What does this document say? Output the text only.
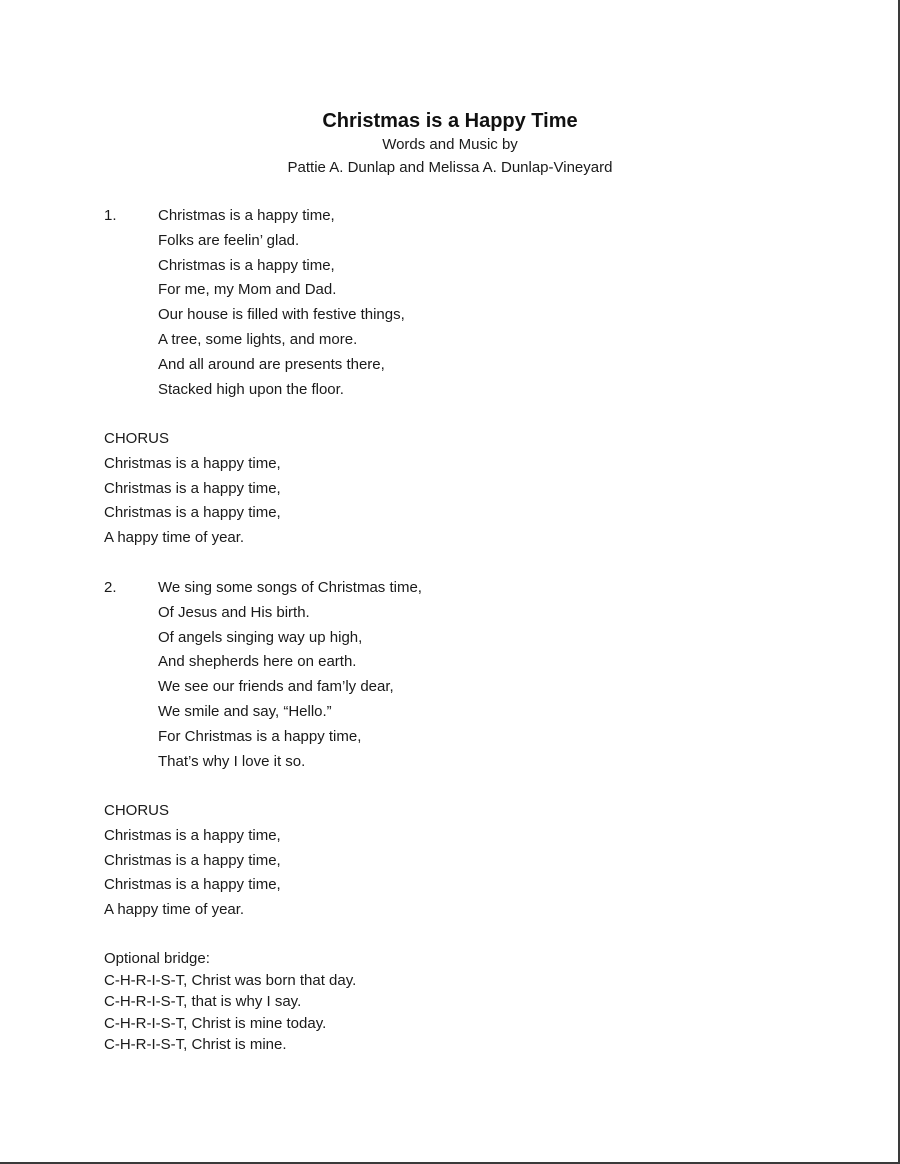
Christmas is a Happy Time
Words and Music by
Pattie A. Dunlap and Melissa A. Dunlap-Vineyard
1.	Christmas is a happy time,
Folks are feelin’ glad.
Christmas is a happy time,
For me, my Mom and Dad.
Our house is filled with festive things,
A tree, some lights, and more.
And all around are presents there,
Stacked high upon the floor.
CHORUS
Christmas is a happy time,
Christmas is a happy time,
Christmas is a happy time,
A happy time of year.
2.	We sing some songs of Christmas time,
Of Jesus and His birth.
Of angels singing way up high,
And shepherds here on earth.
We see our friends and fam’ly dear,
We smile and say, “Hello.”
For Christmas is a happy time,
That’s why I love it so.
CHORUS
Christmas is a happy time,
Christmas is a happy time,
Christmas is a happy time,
A happy time of year.
Optional bridge:
C-H-R-I-S-T, Christ was born that day.
C-H-R-I-S-T, that is why I say.
C-H-R-I-S-T, Christ is mine today.
C-H-R-I-S-T, Christ is mine.
